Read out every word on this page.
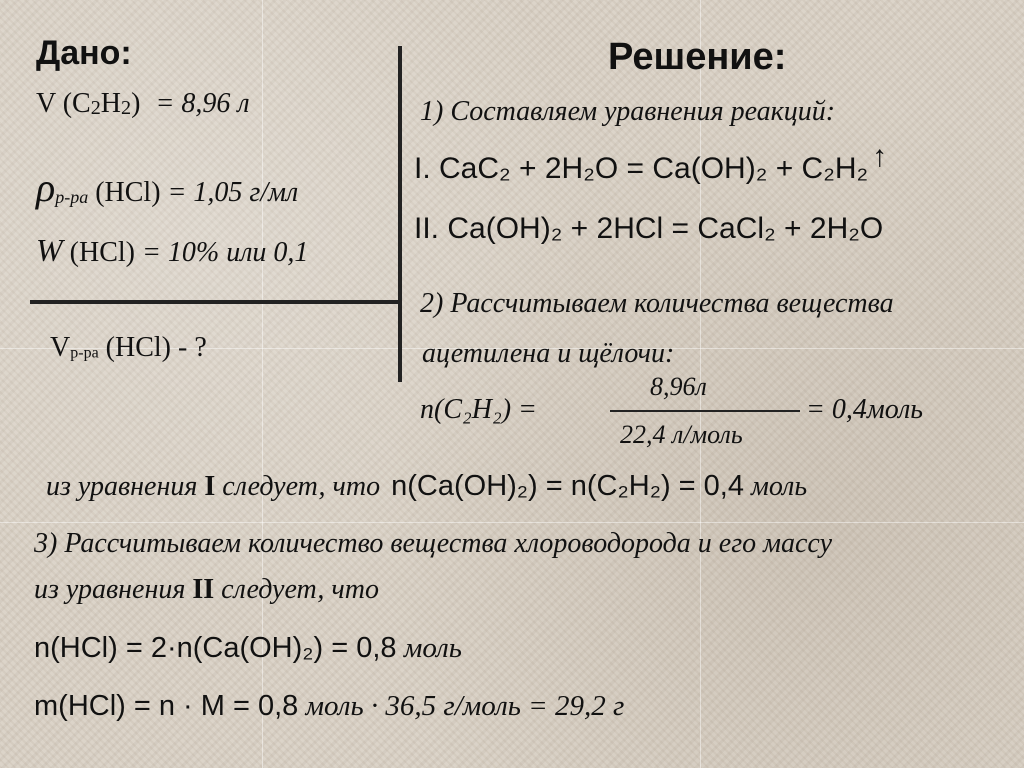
Дано:
V $(C_2H_2) = 8,96$ л
$\rho_{р-ра}$ (HCl) = 1,05 г/мл
W (HCl) = 10% или 0,1
$V_{р-ра}$ (HCl) - ?
Решение:
1) Составляем уравнения реакций:
I. CaC₂ + 2H₂O = Ca(OH)₂ + C₂H₂ ↑
II. Ca(OH)₂ + 2HCl = CaCl₂ + 2H₂O
2) Рассчитываем количества вещества
ацетилена и щёлочи:
n(C₂H₂) =
8,96л
22,4 л/моль
= 0,4моль
из уравнения I следует, что n(Ca(OH)₂) = n(C₂H₂) = 0,4 моль
3) Рассчитываем количество вещества хлороводорода и его массу
из уравнения II следует, что
n(HCl) = 2·n(Ca(OH)₂) = 0,8 моль
m(HCl) = n · M = 0,8 моль · 36,5 г/моль = 29,2 г
